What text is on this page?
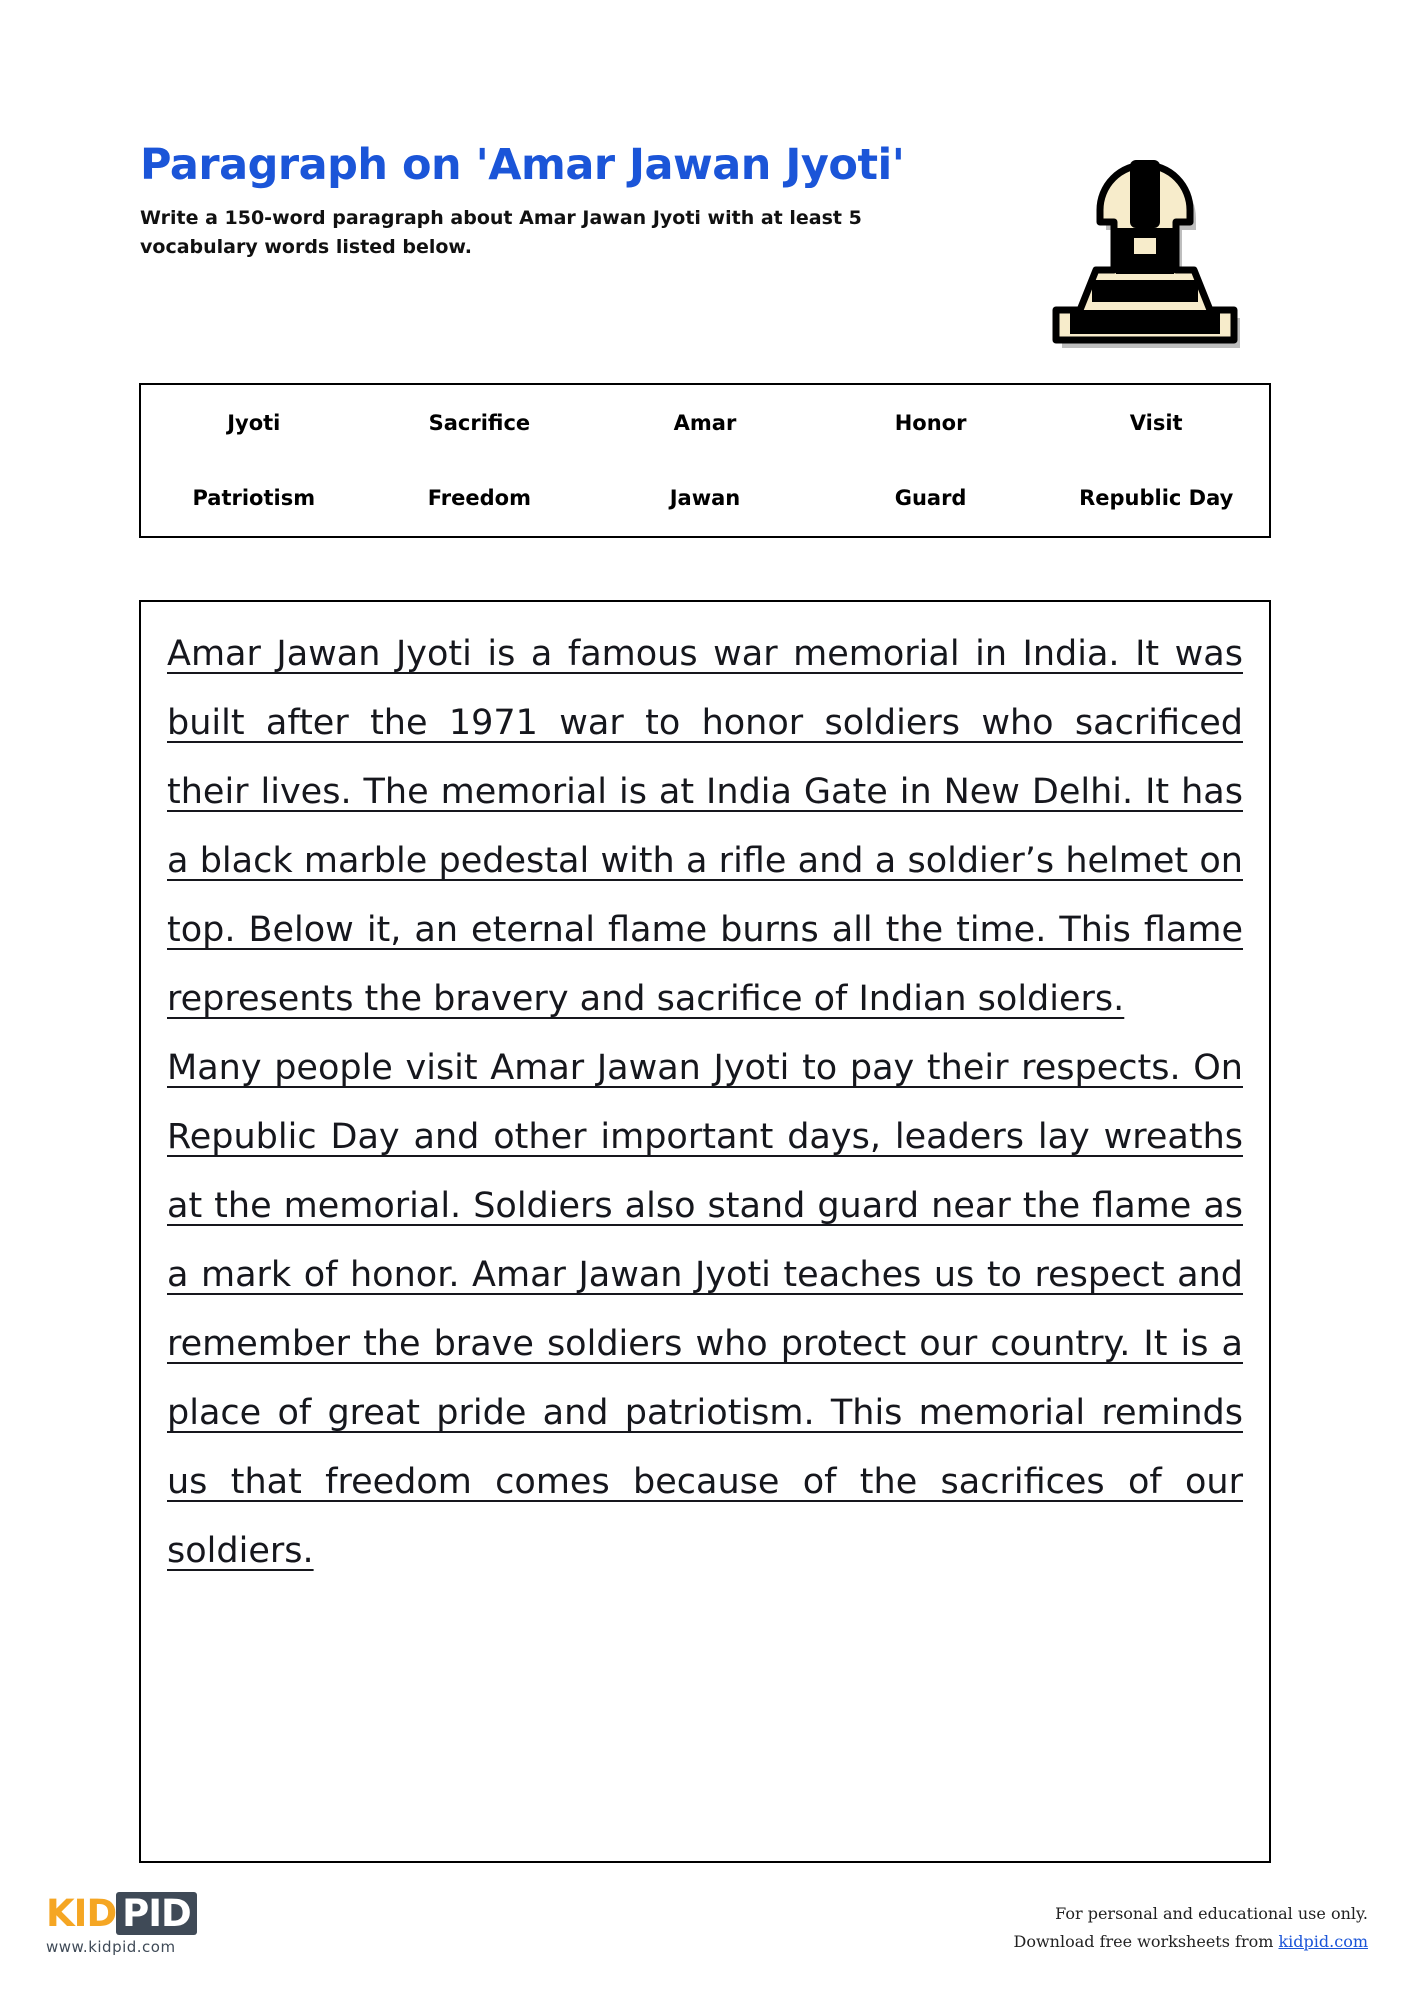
Paragraph on 'Amar Jawan Jyoti'

Write a 150-word paragraph about Amar Jawan Jyoti with at least 5 vocabulary words listed below.

Jyoti	Sacrifice	Amar	Honor	Visit
Patriotism	Freedom	Jawan	Guard	Republic Day

Amar Jawan Jyoti is a famous war memorial in India. It was built after the 1971 war to honor soldiers who sacrificed their lives. The memorial is at India Gate in New Delhi. It has a black marble pedestal with a rifle and a soldier’s helmet on top. Below it, an eternal flame burns all the time. This flame represents the bravery and sacrifice of Indian soldiers.

Many people visit Amar Jawan Jyoti to pay their respects. On Republic Day and other important days, leaders lay wreaths at the memorial. Soldiers also stand guard near the flame as a mark of honor. Amar Jawan Jyoti teaches us to respect and remember the brave soldiers who protect our country. It is a place of great pride and patriotism. This memorial reminds us that freedom comes because of the sacrifices of our soldiers.

KID PID
www.kidpid.com
For personal and educational use only.
Download free worksheets from kidpid.com
